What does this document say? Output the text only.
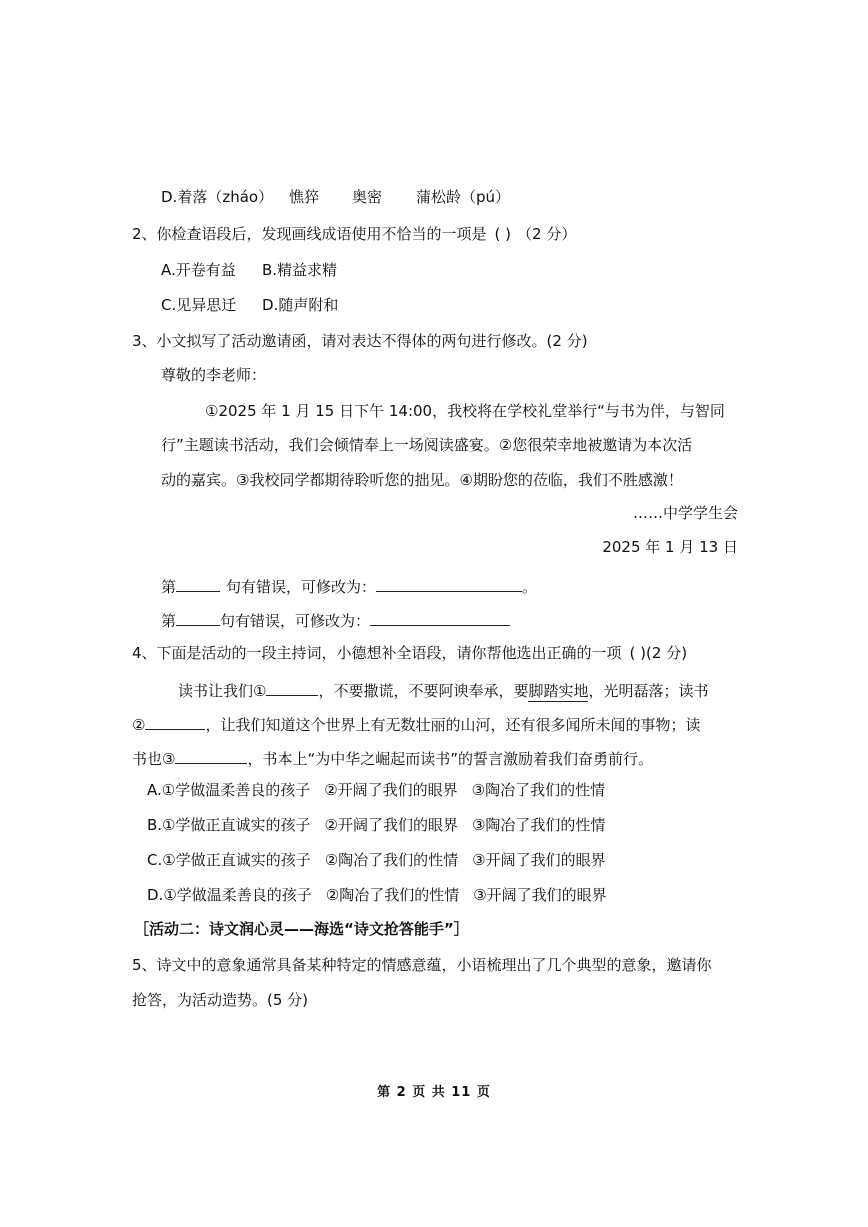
D.着落（zháo） 憔猝 奥密 蒲松龄（pú）
2、你检查语段后，发现画线成语使用不恰当的一项是 ( ) （2 分）
A.开卷有益 B.精益求精
C.见异思迁 D.随声附和
3、小文拟写了活动邀请函，请对表达不得体的两句进行修改。(2 分)
尊敬的李老师：
①2025 年 1 月 15 日下午 14:00，我校将在学校礼堂举行“与书为伴，与智同
行”主题读书活动，我们会倾情奉上一场阅读盛宴。②您很荣幸地被邀请为本次活
动的嘉宾。③我校同学都期待聆听您的拙见。④期盼您的莅临，我们不胜感激！
……中学学生会
2025 年 1 月 13 日
第	句有错误，可修改为：	。
第	句有错误，可修改为：
4、下面是活动的一段主持词，小德想补全语段，请你帮他选出正确的一项 ( )(2 分)
读书让我们①	，不要撒谎，不要阿谀奉承，要脚踏实地，光明磊落；读书
②	，让我们知道这个世界上有无数壮丽的山河，还有很多闻所未闻的事物；读
书也③	，书本上“为中华之崛起而读书”的誓言激励着我们奋勇前行。
A.①学做温柔善良的孩子 ②开阔了我们的眼界 ③陶冶了我们的性情
B.①学做正直诚实的孩子 ②开阔了我们的眼界 ③陶冶了我们的性情
C.①学做正直诚实的孩子 ②陶冶了我们的性情 ③开阔了我们的眼界
D.①学做温柔善良的孩子 ②陶冶了我们的性情 ③开阔了我们的眼界
［活动二：诗文润心灵——海选“诗文抢答能手”］
5、诗文中的意象通常具备某种特定的情感意蕴，小语梳理出了几个典型的意象，邀请你
抢答，为活动造势。(5 分)
第 2 页 共 11 页
